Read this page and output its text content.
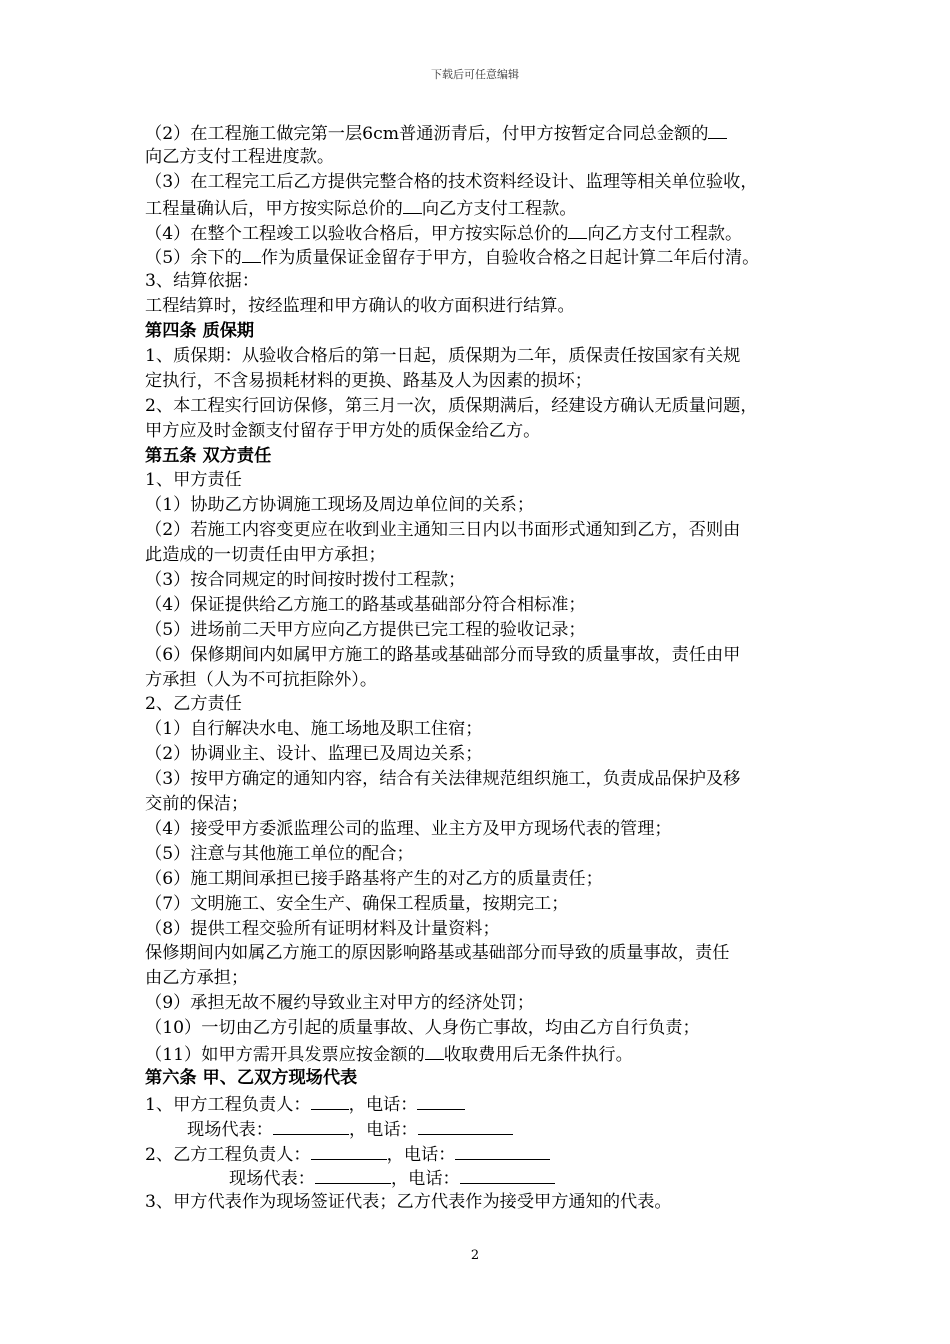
下载后可任意编辑
（2）在工程施工做完第一层6cm普通沥青后，付甲方按暂定合同总金额的
向乙方支付工程进度款。
（3）在工程完工后乙方提供完整合格的技术资料经设计、监理等相关单位验收，
工程量确认后，甲方按实际总价的 向乙方支付工程款。
（4）在整个工程竣工以验收合格后，甲方按实际总价的 向乙方支付工程款。
（5）余下的 作为质量保证金留存于甲方，自验收合格之日起计算二年后付清。
3、结算依据：
工程结算时，按经监理和甲方确认的收方面积进行结算。
第四条 质保期
1、质保期：从验收合格后的第一日起，质保期为二年，质保责任按国家有关规
定执行，不含易损耗材料的更换、路基及人为因素的损坏；
2、本工程实行回访保修，第三月一次，质保期满后，经建设方确认无质量问题，
甲方应及时金额支付留存于甲方处的质保金给乙方。
第五条 双方责任
1、甲方责任
（1）协助乙方协调施工现场及周边单位间的关系；
（2）若施工内容变更应在收到业主通知三日内以书面形式通知到乙方，否则由
此造成的一切责任由甲方承担；
（3）按合同规定的时间按时拨付工程款；
（4）保证提供给乙方施工的路基或基础部分符合相标准；
（5）进场前二天甲方应向乙方提供已完工程的验收记录；
（6）保修期间内如属甲方施工的路基或基础部分而导致的质量事故，责任由甲
方承担（人为不可抗拒除外）。
2、乙方责任
（1）自行解决水电、施工场地及职工住宿；
（2）协调业主、设计、监理已及周边关系；
（3）按甲方确定的通知内容，结合有关法律规范组织施工，负责成品保护及移
交前的保洁；
（4）接受甲方委派监理公司的监理、业主方及甲方现场代表的管理；
（5）注意与其他施工单位的配合；
（6）施工期间承担已接手路基将产生的对乙方的质量责任；
（7）文明施工、安全生产、确保工程质量，按期完工；
（8）提供工程交验所有证明材料及计量资料；
保修期间内如属乙方施工的原因影响路基或基础部分而导致的质量事故，责任
由乙方承担；
（9）承担无故不履约导致业主对甲方的经济处罚；
（10）一切由乙方引起的质量事故、人身伤亡事故，均由乙方自行负责；
（11）如甲方需开具发票应按金额的 收取费用后无条件执行。
第六条 甲、乙双方现场代表
1、甲方工程负责人： ，电话：
现场代表：	，电话：
2、乙方工程负责人：	，电话：
现场代表：	，电话：
3、甲方代表作为现场签证代表；乙方代表作为接受甲方通知的代表。
2
